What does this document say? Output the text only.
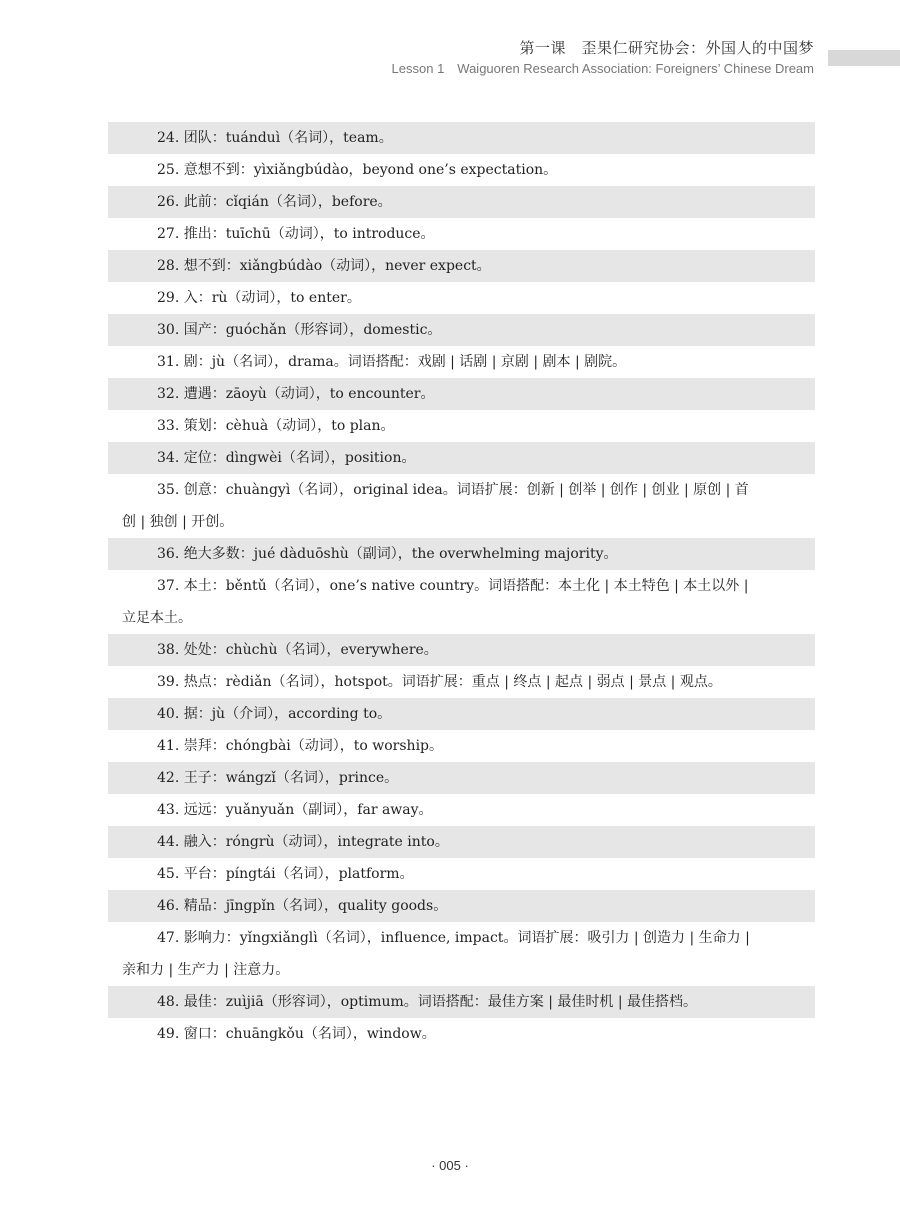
第一课　歪果仁研究协会：外国人的中国梦
Lesson 1　Waiguoren Research Association: Foreigners’ Chinese Dream
24. 团队：tuánduì（名词），team。
25. 意想不到：yìxiǎngbúdào，beyond one’s expectation。
26. 此前：cǐqián（名词），before。
27. 推出：tuīchū（动词），to introduce。
28. 想不到：xiǎngbúdào（动词），never expect。
29. 入：rù（动词），to enter。
30. 国产：guóchǎn（形容词），domestic。
31. 剧：jù（名词），drama。词语搭配：戏剧 | 话剧 | 京剧 | 剧本 | 剧院。
32. 遭遇：zāoyù（动词），to encounter。
33. 策划：cèhuà（动词），to plan。
34. 定位：dìngwèi（名词），position。
35. 创意：chuàngyì（名词），original idea。词语扩展：创新 | 创举 | 创作 | 创业 | 原创 | 首
创 | 独创 | 开创。
36. 绝大多数：jué dàduōshù（副词），the overwhelming majority。
37. 本土：běntǔ（名词），one’s native country。词语搭配：本土化 | 本土特色 | 本土以外 |
立足本土。
38. 处处：chùchù（名词），everywhere。
39. 热点：rèdiǎn（名词），hotspot。词语扩展：重点 | 终点 | 起点 | 弱点 | 景点 | 观点。
40. 据：jù（介词），according to。
41. 崇拜：chóngbài（动词），to worship。
42. 王子：wángzǐ（名词），prince。
43. 远远：yuǎnyuǎn（副词），far away。
44. 融入：róngrù（动词），integrate into。
45. 平台：píngtái（名词），platform。
46. 精品：jīngpǐn（名词），quality goods。
47. 影响力：yǐngxiǎnglì（名词），influence, impact。词语扩展：吸引力 | 创造力 | 生命力 |
亲和力 | 生产力 | 注意力。
48. 最佳：zuìjiā（形容词），optimum。词语搭配：最佳方案 | 最佳时机 | 最佳搭档。
49. 窗口：chuāngkǒu（名词），window。
· 005 ·
